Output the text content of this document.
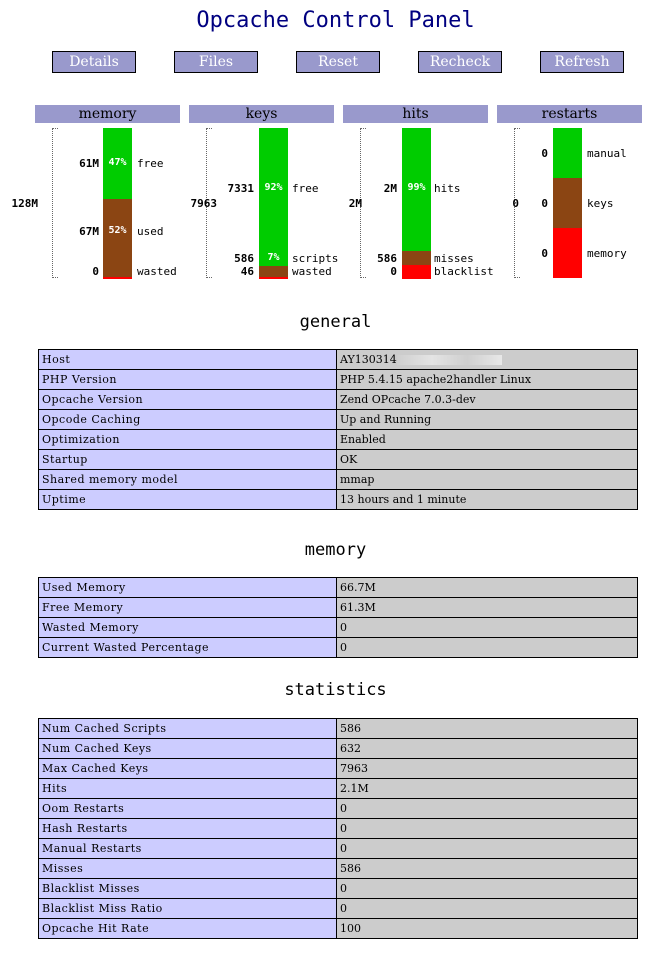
Opcache Control Panel
Details	Files	Reset	Recheck	Refresh
memory	keys	hits	restarts
128M
47%
52%
61M
67M
0
free
used
wasted
7963
92%
7%
7331
586
46
free
scripts
wasted
2M
99%
2M
586
0
hits
misses
blacklist
0
0
0
0
manual
keys
memory
general
Host	AY130314
PHP Version	PHP 5.4.15 apache2handler Linux
Opcache Version	Zend OPcache 7.0.3-dev
Opcode Caching	Up and Running
Optimization	Enabled
Startup	OK
Shared memory model	mmap
Uptime	13 hours and 1 minute
memory
Used Memory	66.7M
Free Memory	61.3M
Wasted Memory	0
Current Wasted Percentage	0
statistics
Num Cached Scripts	586
Num Cached Keys	632
Max Cached Keys	7963
Hits	2.1M
Oom Restarts	0
Hash Restarts	0
Manual Restarts	0
Misses	586
Blacklist Misses	0
Blacklist Miss Ratio	0
Opcache Hit Rate	100
